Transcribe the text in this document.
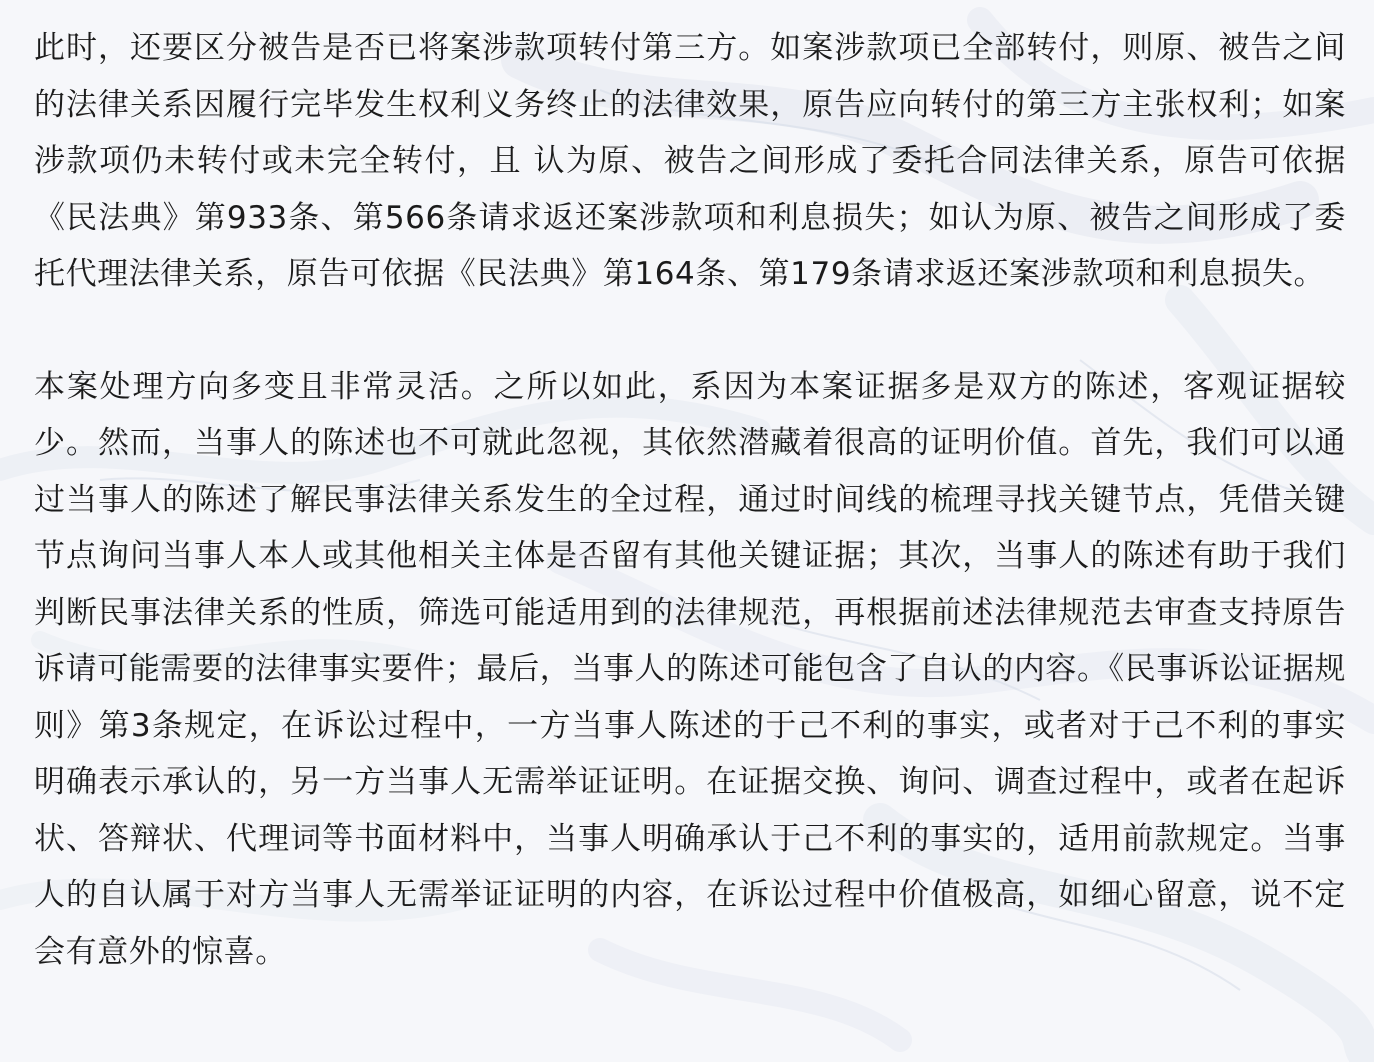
此时，还要区分被告是否已将案涉款项转付第三方。如案涉款项已全部转付，则原、被告之间的法律关系因履行完毕发生权利义务终止的法律效果，原告应向转付的第三方主张权利；如案涉款项仍未转付或未完全转付，且 认为原、被告之间形成了委托合同法律关系，原告可依据《民法典》第933条、第566条请求返还案涉款项和利息损失；如认为原、被告之间形成了委托代理法律关系，原告可依据《民法典》第164条、第179条请求返还案涉款项和利息损失。

本案处理方向多变且非常灵活。之所以如此，系因为本案证据多是双方的陈述，客观证据较少。然而，当事人的陈述也不可就此忽视，其依然潜藏着很高的证明价值。首先，我们可以通过当事人的陈述了解民事法律关系发生的全过程，通过时间线的梳理寻找关键节点，凭借关键节点询问当事人本人或其他相关主体是否留有其他关键证据；其次，当事人的陈述有助于我们判断民事法律关系的性质，筛选可能适用到的法律规范，再根据前述法律规范去审查支持原告诉请可能需要的法律事实要件；最后，当事人的陈述可能包含了自认的内容。《民事诉讼证据规则》第3条规定，在诉讼过程中，一方当事人陈述的于己不利的事实，或者对于己不利的事实明确表示承认的，另一方当事人无需举证证明。在证据交换、询问、调查过程中，或者在起诉状、答辩状、代理词等书面材料中，当事人明确承认于己不利的事实的，适用前款规定。当事人的自认属于对方当事人无需举证证明的内容，在诉讼过程中价值极高，如细心留意，说不定会有意外的惊喜。
